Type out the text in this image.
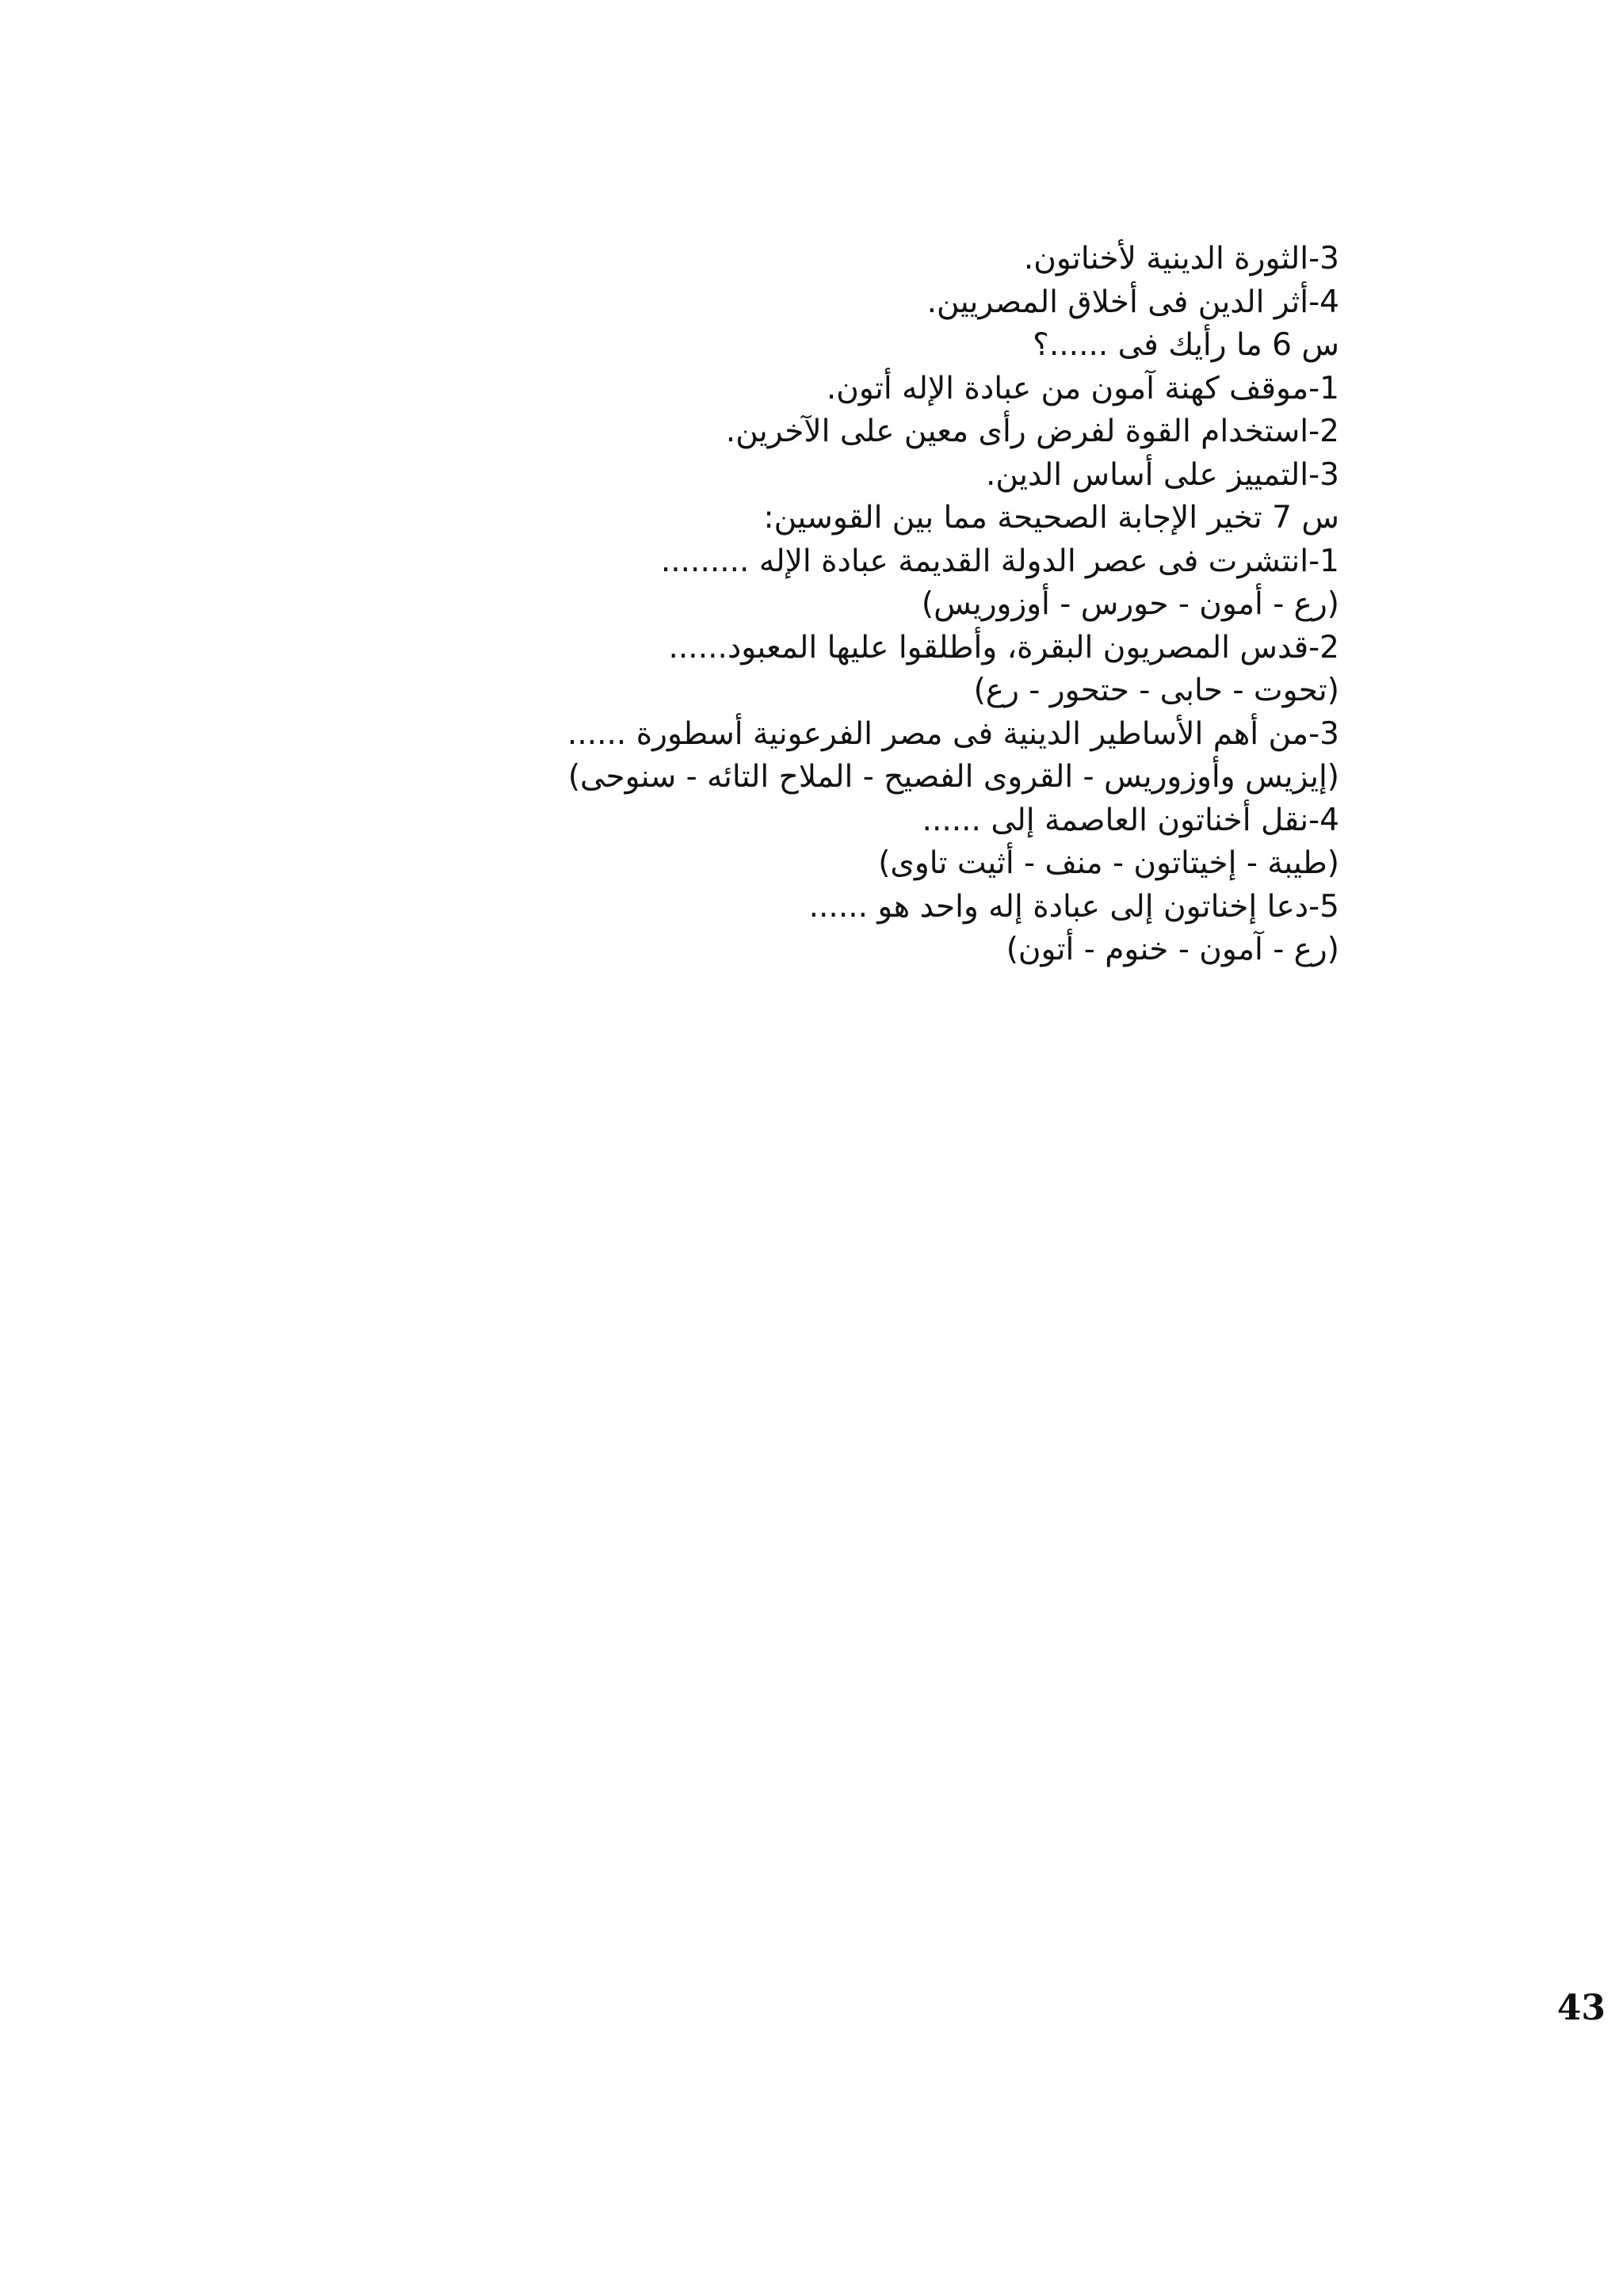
3-الثورة الدينية لأخناتون.
4-أثر الدين فى أخلاق المصريين.
س 6 ما رأيك فى ......؟
1-موقف كهنة آمون من عبادة الإله أتون.
2-استخدام القوة لفرض رأى معين على الآخرين.
3-التمييز على أساس الدين.
س 7 تخير الإجابة الصحيحة مما بين القوسين:
1-انتشرت فى عصر الدولة القديمة عبادة الإله .........
(رع - أمون - حورس - أوزوريس)
2-قدس المصريون البقرة، وأطلقوا عليها المعبود......
(تحوت - حابى - حتحور - رع)
3-من أهم الأساطير الدينية فى مصر الفرعونية أسطورة ......
(إيزيس وأوزوريس - القروى الفصيح - الملاح التائه - سنوحى)
4-نقل أخناتون العاصمة إلى ......
(طيبة - إخيتاتون - منف - أثيت تاوى)
5-دعا إخناتون إلى عبادة إله واحد هو ......
(رع - آمون - خنوم - أتون)
43
